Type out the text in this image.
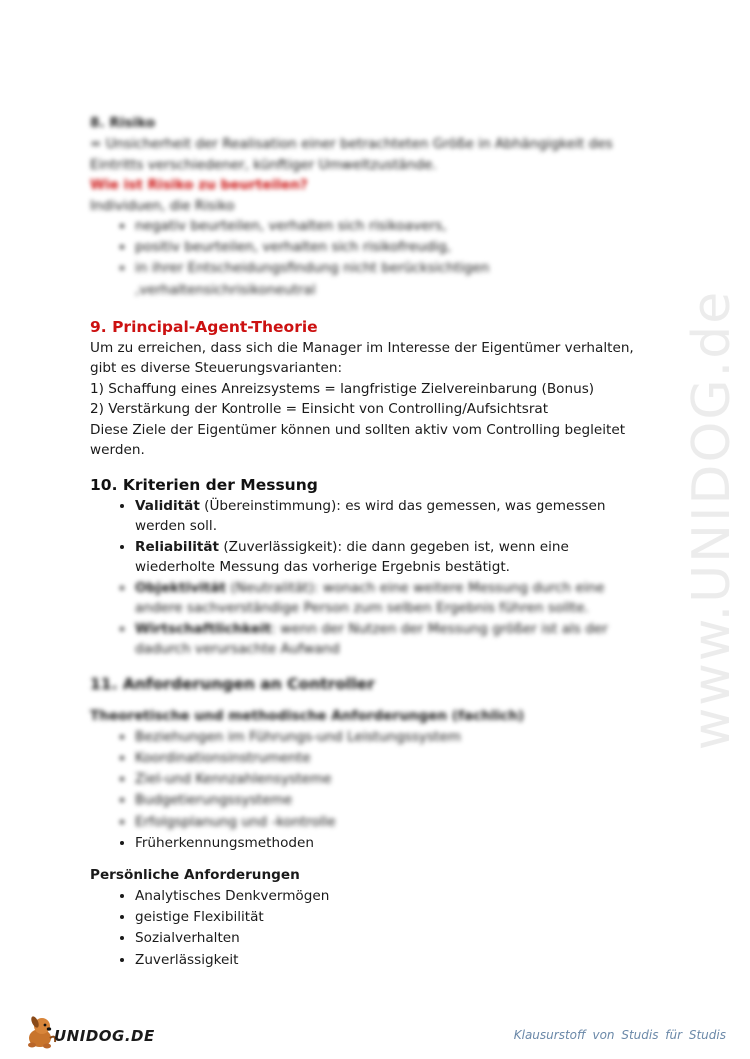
www.UNIDOG.de
8. Risiko

= Unsicherheit der Realisation einer betrachteten Größe in Abhängigkeit des Eintritts verschiedener, künftiger Umweltzustände.

Wie ist Risiko zu beurteilen?

Individuen, die Risiko

• negativ beurteilen, verhalten sich risikoavers,
• positiv beurteilen, verhalten sich risikofreudig,
• in ihrer Entscheidungsfindung nicht berücksichtigen ,verhaltensichrisikoneutral
9. Principal-Agent-Theorie

Um zu erreichen, dass sich die Manager im Interesse der Eigentümer verhalten, gibt es diverse Steuerungsvarianten:

1) Schaffung eines Anreizsystems = langfristige Zielvereinbarung (Bonus)

2) Verstärkung der Kontrolle = Einsicht von Controlling/Aufsichtsrat

Diese Ziele der Eigentümer können und sollten aktiv vom Controlling begleitet werden.

10. Kriterien der Messung
• Validität (Übereinstimmung): es wird das gemessen, was gemessen werden soll.
• Reliabilität (Zuverlässigkeit): die dann gegeben ist, wenn eine wiederholte Messung das vorherige Ergebnis bestätigt.
• Objektivität (Neutralität): wonach eine weitere Messung durch eine andere sachverständige Person zum selben Ergebnis führen sollte.
• Wirtschaftlichkeit: wenn der Nutzen der Messung größer ist als der dadurch verursachte Aufwand
11. Anforderungen an Controller

Theoretische und methodische Anforderungen (fachlich)

• Beziehungen im Führungs-und Leistungssystem
• Koordinationsinstrumente
• Ziel-und Kennzahlensysteme
• Budgetierungssysteme
• Erfolgsplanung und -kontrolle
• Früherkennungsmethoden

Persönliche Anforderungen

• Analytisches Denkvermögen
• geistige Flexibilität
• Sozialverhalten
• Zuverlässigkeit
UNIDOG.DE	Klausurstoff von Studis für Studis
